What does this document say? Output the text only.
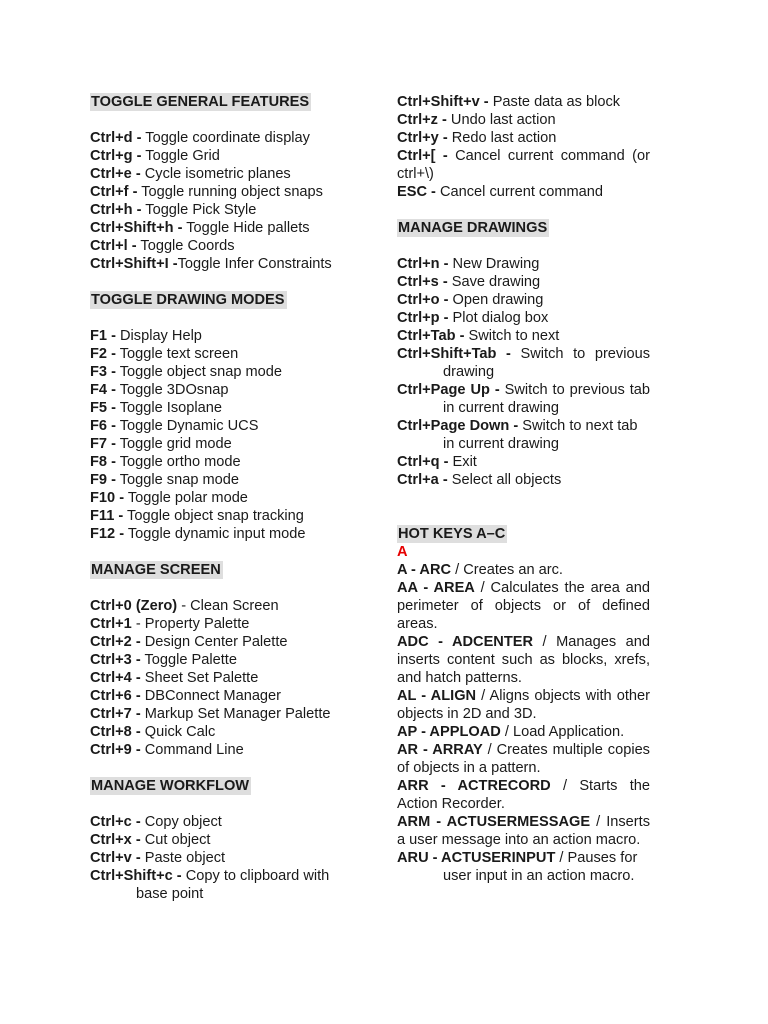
TOGGLE GENERAL FEATURES
Ctrl+d - Toggle coordinate display
Ctrl+g - Toggle Grid
Ctrl+e - Cycle isometric planes
Ctrl+f - Toggle running object snaps
Ctrl+h - Toggle Pick Style
Ctrl+Shift+h - Toggle Hide pallets
Ctrl+l - Toggle Coords
Ctrl+Shift+I -Toggle Infer Constraints
TOGGLE DRAWING MODES
F1 - Display Help
F2 - Toggle text screen
F3 - Toggle object snap mode
F4 - Toggle 3DOsnap
F5 - Toggle Isoplane
F6 - Toggle Dynamic UCS
F7 - Toggle grid mode
F8 - Toggle ortho mode
F9 - Toggle snap mode
F10 - Toggle polar mode
F11 - Toggle object snap tracking
F12 - Toggle dynamic input mode
MANAGE SCREEN
Ctrl+0 (Zero) - Clean Screen
Ctrl+1 - Property Palette
Ctrl+2 - Design Center Palette
Ctrl+3 - Toggle Palette
Ctrl+4 - Sheet Set Palette
Ctrl+6 - DBConnect Manager
Ctrl+7 - Markup Set Manager Palette
Ctrl+8 - Quick Calc
Ctrl+9 - Command Line
MANAGE WORKFLOW
Ctrl+c - Copy object
Ctrl+x - Cut object
Ctrl+v - Paste object
Ctrl+Shift+c - Copy to clipboard with base point
Ctrl+Shift+v - Paste data as block
Ctrl+z - Undo last action
Ctrl+y - Redo last action
Ctrl+[ - Cancel current command (or ctrl+\)
ESC - Cancel current command
MANAGE DRAWINGS
Ctrl+n - New Drawing
Ctrl+s - Save drawing
Ctrl+o - Open drawing
Ctrl+p - Plot dialog box
Ctrl+Tab - Switch to next
Ctrl+Shift+Tab - Switch to previous drawing
Ctrl+Page Up - Switch to previous tab in current drawing
Ctrl+Page Down - Switch to next tab in current drawing
Ctrl+q - Exit
Ctrl+a - Select all objects
HOT KEYS A–C
A
A - ARC / Creates an arc.
AA - AREA / Calculates the area and perimeter of objects or of defined areas.
ADC - ADCENTER / Manages and inserts content such as blocks, xrefs, and hatch patterns.
AL - ALIGN / Aligns objects with other objects in 2D and 3D.
AP - APPLOAD / Load Application.
AR - ARRAY / Creates multiple copies of objects in a pattern.
ARR - ACTRECORD / Starts the Action Recorder.
ARM - ACTUSERMESSAGE / Inserts a user message into an action macro.
ARU - ACTUSERINPUT / Pauses for user input in an action macro.
